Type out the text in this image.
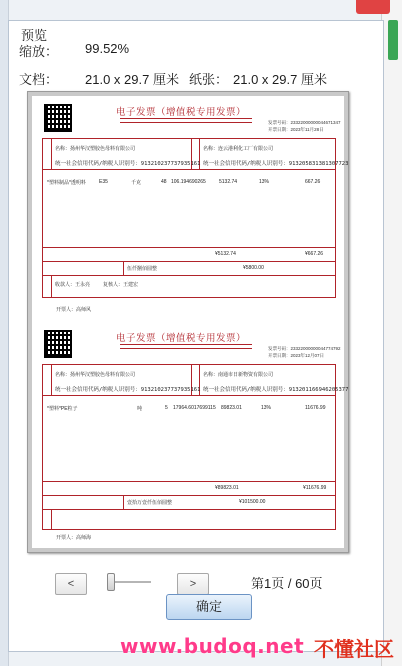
预览
缩放： 99.52%
文档： 21.0 x 29.7 厘米 纸张： 21.0 x 29.7 厘米
电子发票（增值税专用发票）
发票号码：23322000000044671347
开票日期：2023年11月28日
名称：扬州华汉塑胶色母料有限公司
统一社会信用代码/纳税人识别号：913210237737935161
名称：连云港利化工厂有限公司
统一社会信用代码/纳税人识别号：913205831381307723
*塑料制品*透明料	E35	千克	48 106.194690265	5132.74	13%	667.26
¥5132.74	¥667.26
伍仟捌佰圆整	¥5800.00
收款人：王永亮	复核人：王建宏
开票人：高师风
电子发票（增值税专用发票）
发票号码：23322000000044774792
开票日期：2023年12月07日
名称：扬州华汉塑胶色母料有限公司
统一社会信用代码/纳税人识别号：913210237737935161
名称：南通市日新物资有限公司
统一社会信用代码/纳税人识别号：913201166946205377
*塑料*PE粒子	吨	5 17964.6017699115 89823.01	13%	11676.99
¥89823.01	¥11676.99
壹拾万壹仟伍佰圆整	¥101500.00
开票人：高师海
<	>	第1页 / 60页
确定
www.budoq.net 不懂社区
